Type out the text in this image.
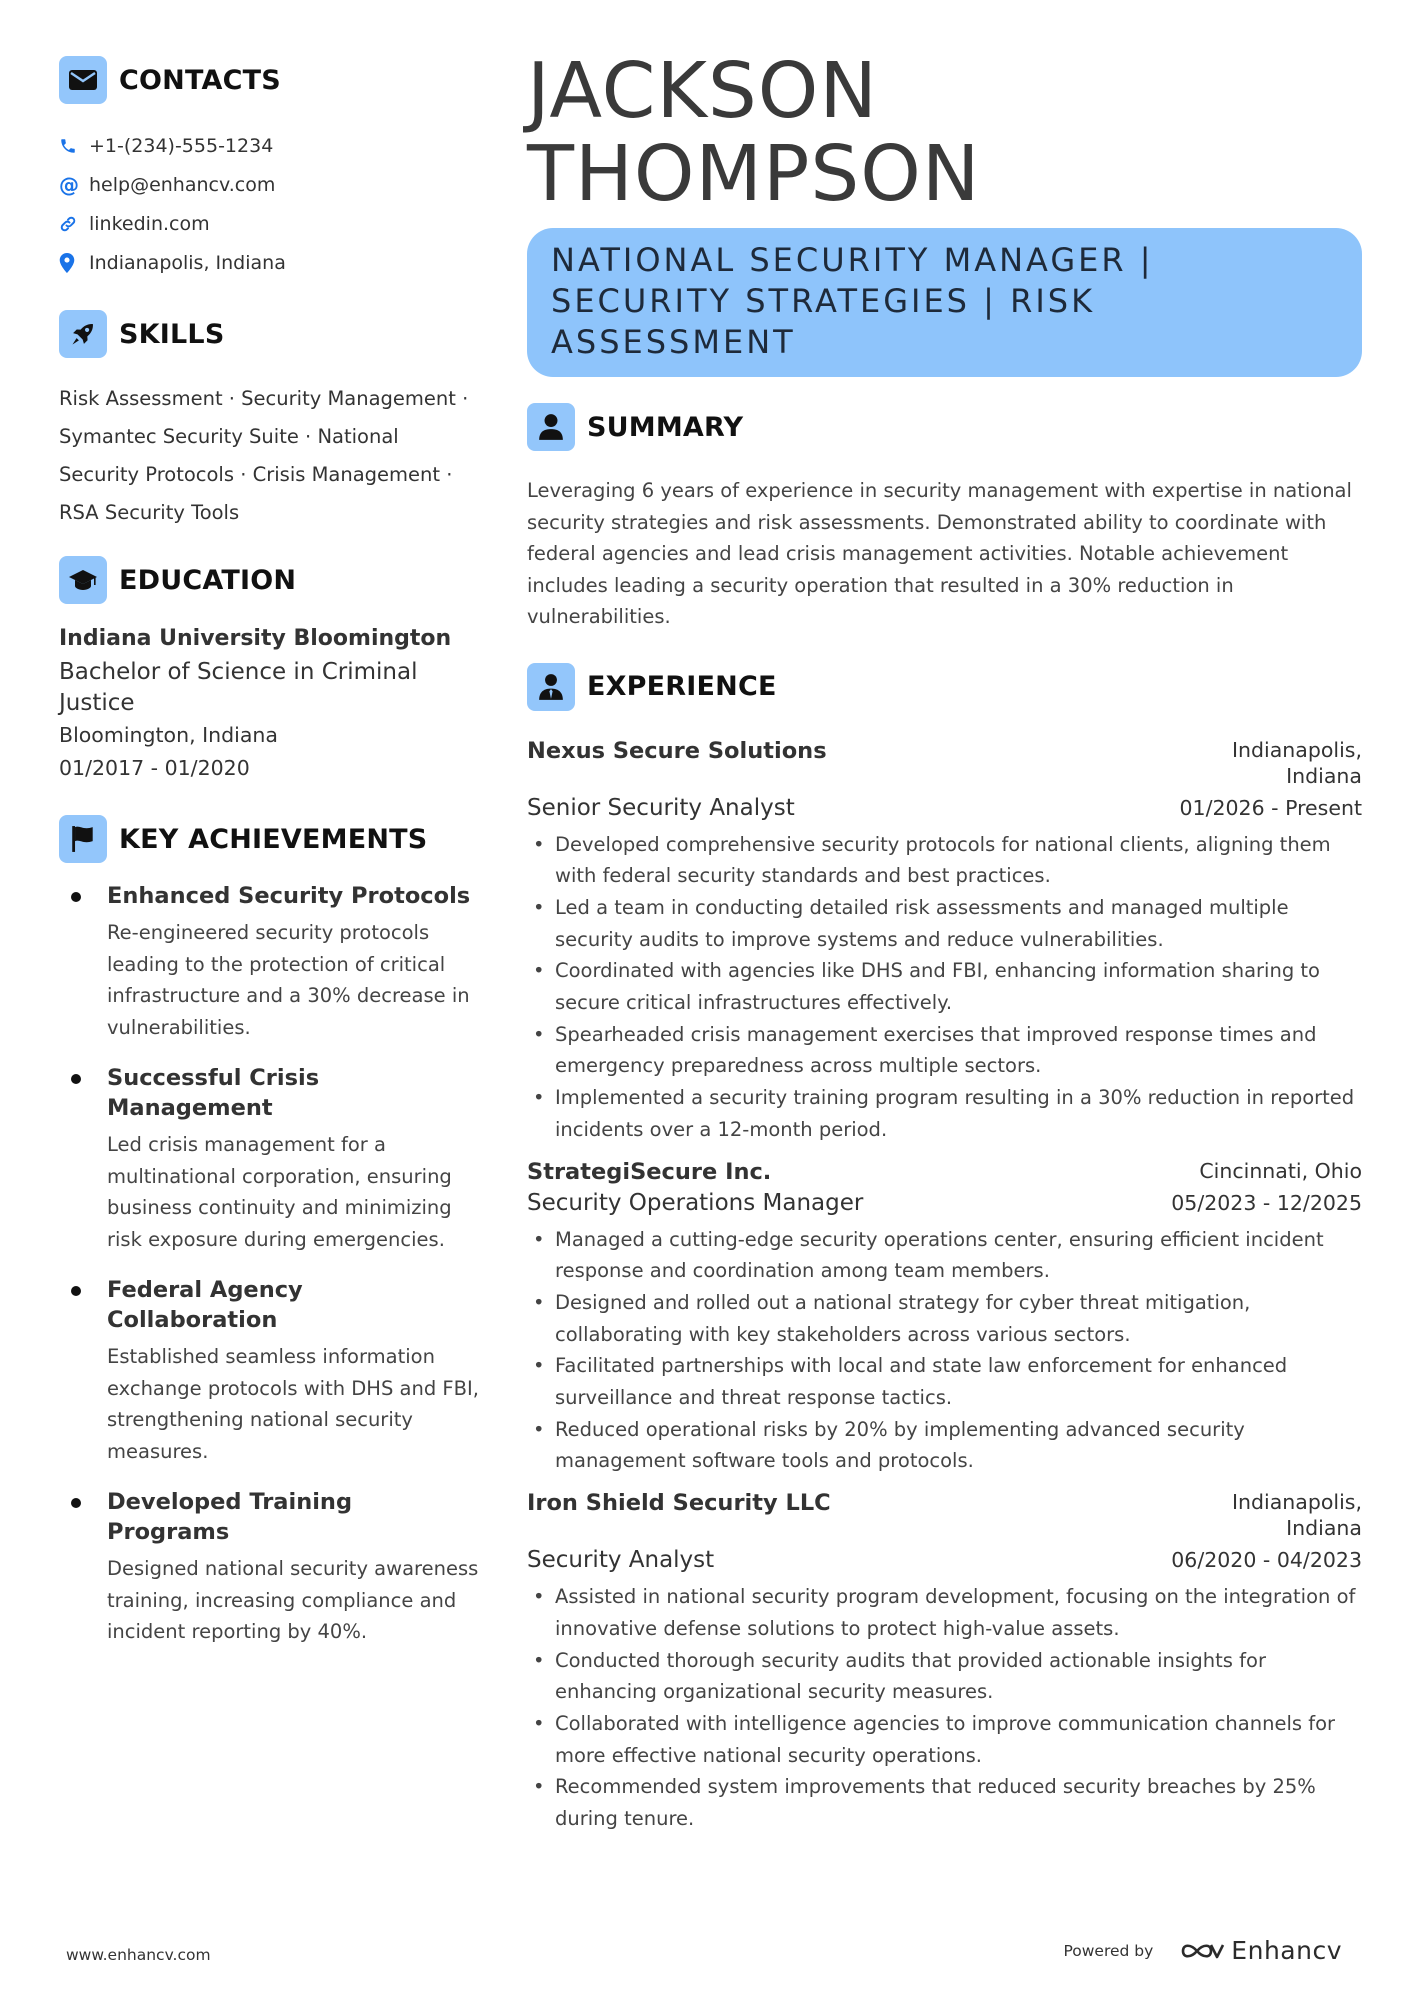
CONTACTS
+1-(234)-555-1234
@ help@enhancv.com
linkedin.com
Indianapolis, Indiana
SKILLS
Risk Assessment · Security Management · Symantec Security Suite · National Security Protocols · Crisis Management · RSA Security Tools
EDUCATION
Indiana University Bloomington
Bachelor of Science in Criminal Justice
Bloomington, Indiana
01/2017 - 01/2020
KEY ACHIEVEMENTS
Enhanced Security Protocols
Re-engineered security protocols leading to the protection of critical infrastructure and a 30% decrease in vulnerabilities.
Successful Crisis Management
Led crisis management for a multinational corporation, ensuring business continuity and minimizing risk exposure during emergencies.
Federal Agency Collaboration
Established seamless information exchange protocols with DHS and FBI, strengthening national security measures.
Developed Training Programs
Designed national security awareness training, increasing compliance and incident reporting by 40%.
JACKSON
THOMPSON
NATIONAL SECURITY MANAGER | SECURITY STRATEGIES | RISK ASSESSMENT
SUMMARY
Leveraging 6 years of experience in security management with expertise in national security strategies and risk assessments. Demonstrated ability to coordinate with federal agencies and lead crisis management activities. Notable achievement includes leading a security operation that resulted in a 30% reduction in vulnerabilities.
EXPERIENCE
Nexus Secure Solutions	Indianapolis, Indiana
Senior Security Analyst	01/2026 - Present
• Developed comprehensive security protocols for national clients, aligning them with federal security standards and best practices.
• Led a team in conducting detailed risk assessments and managed multiple security audits to improve systems and reduce vulnerabilities.
• Coordinated with agencies like DHS and FBI, enhancing information sharing to secure critical infrastructures effectively.
• Spearheaded crisis management exercises that improved response times and emergency preparedness across multiple sectors.
• Implemented a security training program resulting in a 30% reduction in reported incidents over a 12-month period.
StrategiSecure Inc.	Cincinnati, Ohio
Security Operations Manager	05/2023 - 12/2025
• Managed a cutting-edge security operations center, ensuring efficient incident response and coordination among team members.
• Designed and rolled out a national strategy for cyber threat mitigation, collaborating with key stakeholders across various sectors.
• Facilitated partnerships with local and state law enforcement for enhanced surveillance and threat response tactics.
• Reduced operational risks by 20% by implementing advanced security management software tools and protocols.
Iron Shield Security LLC	Indianapolis, Indiana
Security Analyst	06/2020 - 04/2023
• Assisted in national security program development, focusing on the integration of innovative defense solutions to protect high-value assets.
• Conducted thorough security audits that provided actionable insights for enhancing organizational security measures.
• Collaborated with intelligence agencies to improve communication channels for more effective national security operations.
• Recommended system improvements that reduced security breaches by 25% during tenure.
www.enhancv.com	Powered by	Enhancv
